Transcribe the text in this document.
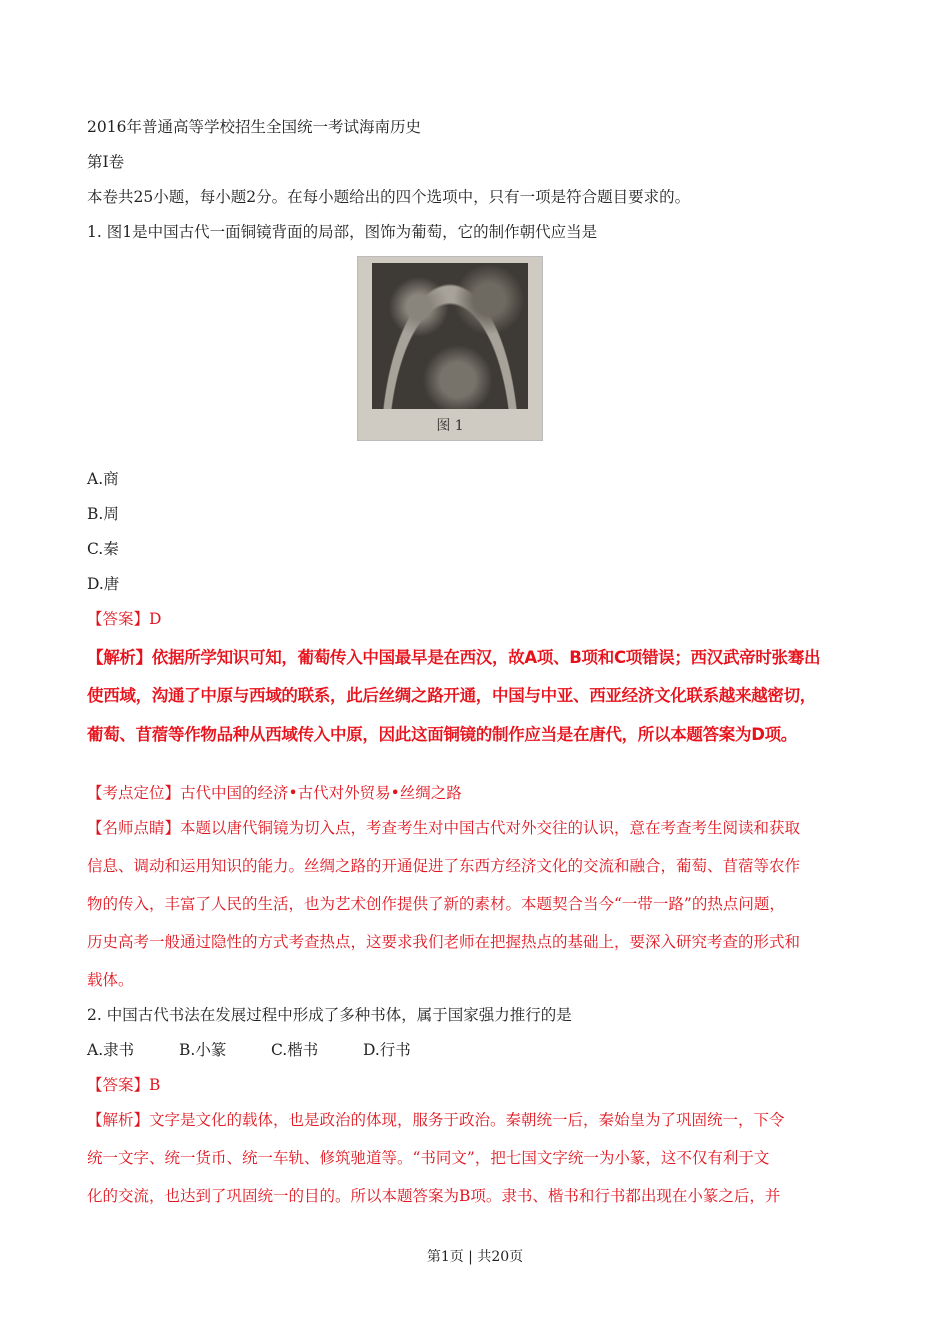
2016年普通高等学校招生全国统一考试海南历史
第Ⅰ卷
本卷共25小题，每小题2分。在每小题给出的四个选项中，只有一项是符合题目要求的。
1. 图1是中国古代一面铜镜背面的局部，图饰为葡萄，它的制作朝代应当是
图 1
A.商
B.周
C.秦
D.唐
【答案】D
【解析】依据所学知识可知，葡萄传入中国最早是在西汉，故A项、B项和C项错误；西汉武帝时张骞出
使西域，沟通了中原与西域的联系，此后丝绸之路开通，中国与中亚、西亚经济文化联系越来越密切，
葡萄、苜蓿等作物品种从西域传入中原，因此这面铜镜的制作应当是在唐代，所以本题答案为D项。
【考点定位】古代中国的经济•古代对外贸易•丝绸之路
【名师点睛】本题以唐代铜镜为切入点，考查考生对中国古代对外交往的认识，意在考查考生阅读和获取
信息、调动和运用知识的能力。丝绸之路的开通促进了东西方经济文化的交流和融合，葡萄、苜蓿等农作
物的传入，丰富了人民的生活，也为艺术创作提供了新的素材。本题契合当今“一带一路”的热点问题，
历史高考一般通过隐性的方式考查热点，这要求我们老师在把握热点的基础上，要深入研究考查的形式和
载体。
2. 中国古代书法在发展过程中形成了多种书体，属于国家强力推行的是
A.隶书	B.小篆	C.楷书	D.行书
【答案】B
【解析】文字是文化的载体，也是政治的体现，服务于政治。秦朝统一后，秦始皇为了巩固统一，下令
统一文字、统一货币、统一车轨、修筑驰道等。“书同文”，把七国文字统一为小篆，这不仅有利于文
化的交流，也达到了巩固统一的目的。所以本题答案为B项。隶书、楷书和行书都出现在小篆之后，并
第1页 | 共20页
